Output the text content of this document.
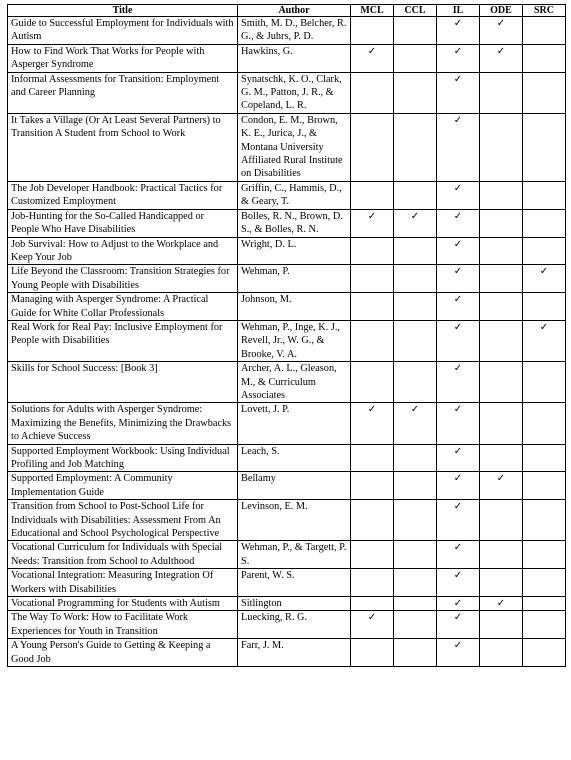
Title	Author	MCL	CCL	IL	ODE	SRC
Guide to Successful Employment for Individuals with Autism	Smith, M. D., Belcher, R. G., & Juhrs, P. D.			✓	✓	
How to Find Work That Works for People with Asperger Syndrome	Hawkins, G.	✓		✓	✓	
Informal Assessments for Transition: Employment and Career Planning	Synatschk, K. O., Clark, G. M., Patton, J. R., & Copeland, L. R.			✓		
It Takes a Village (Or At Least Several Partners) to Transition A Student from School to Work	Condon, E. M., Brown, K. E., Jurica, J., & Montana University Affiliated Rural Institute on Disabilities			✓		
The Job Developer Handbook: Practical Tactics for Customized Employment	Griffin, C., Hammis, D., & Geary, T.			✓		
Job-Hunting for the So-Called Handicapped or People Who Have Disabilities	Bolles, R. N., Brown, D. S., & Bolles, R. N.	✓	✓	✓		
Job Survival: How to Adjust to the Workplace and Keep Your Job	Wright, D. L.			✓		
Life Beyond the Classroom: Transition Strategies for Young People with Disabilities	Wehman, P.			✓		✓
Managing with Asperger Syndrome: A Practical Guide for White Collar Professionals	Johnson, M.			✓		
Real Work for Real Pay: Inclusive Employment for People with Disabilities	Wehman, P., Inge, K. J., Revell, Jr., W. G., & Brooke, V. A.			✓		✓
Skills for School Success: [Book 3]	Archer, A. L., Gleason, M., & Curriculum Associates			✓		
Solutions for Adults with Asperger Syndrome: Maximizing the Benefits, Minimizing the Drawbacks to Achieve Success	Lovett, J. P.	✓	✓	✓		
Supported Employment Workbook: Using Individual Profiling and Job Matching	Leach, S.			✓		
Supported Employment: A Community Implementation Guide	Bellamy			✓	✓	
Transition from School to Post-School Life for Individuals with Disabilities: Assessment From An Educational and School Psychological Perspective	Levinson, E. M.			✓		
Vocational Curriculum for Individuals with Special Needs: Transition from School to Adulthood	Wehman, P., & Targett, P. S.			✓		
Vocational Integration: Measuring Integration Of Workers with Disabilities	Parent, W. S.			✓		
Vocational Programming for Students with Autism	Sitlington			✓	✓	
The Way To Work: How to Facilitate Work Experiences for Youth in Transition	Luecking, R. G.	✓		✓		
A Young Person's Guide to Getting & Keeping a Good Job	Farr, J. M.			✓		
